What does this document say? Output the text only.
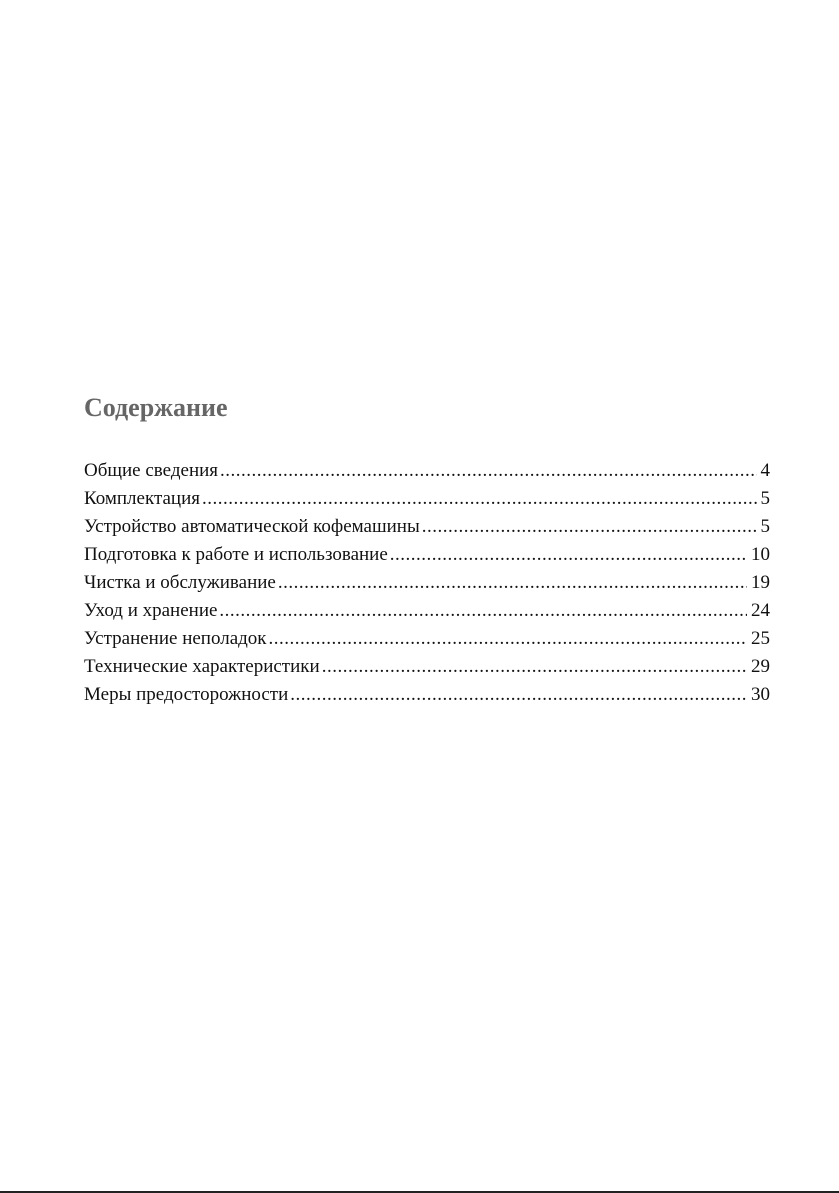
Содержание
Общие сведения .....	4
Комплектация .....	5
Устройство автоматической кофемашины .....	5
Подготовка к работе и использование .....	10
Чистка и обслуживание .....	19
Уход и хранение .....	24
Устранение неполадок .....	25
Технические характеристики .....	29
Меры предосторожности .....	30
